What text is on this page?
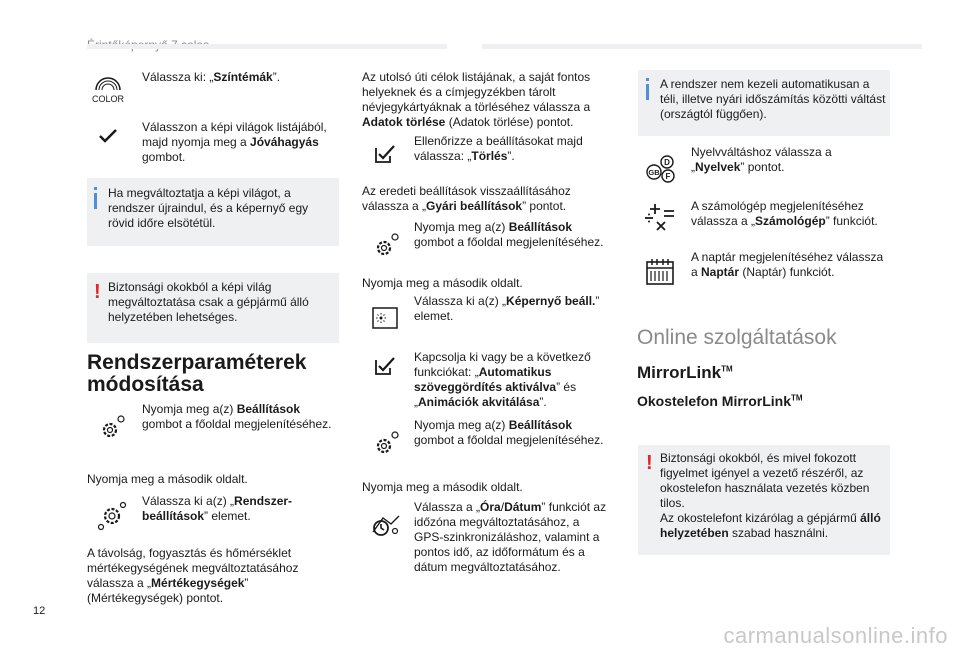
COLOR
Válassza ki: „Színtémák”.
Válasszon a képi világok listájából, majd nyomja meg a Jóváhagyás gombot.
Ha megváltoztatja a képi világot, a rendszer újraindul, és a képernyő egy rövid időre elsötétül.
! Biztonsági okokból a képi világ megváltoztatása csak a gépjármű álló helyzetében lehetséges.
Rendszerparaméterek
módosítása
Nyomja meg a(z) Beállítások gombot a főoldal megjelenítéséhez.
Nyomja meg a második oldalt.
Válassza ki a(z) „Rendszer-beállítások” elemet.
A távolság, fogyasztás és hőmérséklet mértékegységének megváltoztatásához válassza a „Mértékegységek” (Mértékegységek) pontot.
Az utolsó úti célok listájának, a saját fontos helyeknek és a címjegyzékben tárolt névjegykártyáknak a törléséhez válassza a Adatok törlése (Adatok törlése) pontot.
Ellenőrizze a beállításokat majd válassza: „Törlés”.
Az eredeti beállítások visszaállításához válassza a „Gyári beállítások” pontot.
Nyomja meg a(z) Beállítások gombot a főoldal megjelenítéséhez.
Nyomja meg a második oldalt.
Válassza ki a(z) „Képernyő beáll.” elemet.
Kapcsolja ki vagy be a következő funkciókat: „Automatikus szöveggördítés aktiválva” és „Animációk akvitálása”.
Nyomja meg a(z) Beállítások gombot a főoldal megjelenítéséhez.
Nyomja meg a második oldalt.
Válassza a „Óra/Dátum” funkciót az időzóna megváltoztatásához, a GPS-szinkronizáláshoz, valamint a pontos idő, az időformátum és a dátum megváltoztatásához.
A rendszer nem kezeli automatikusan a téli, illetve nyári időszámítás közötti váltást (országtól függően).
D
GB F
Nyelvváltáshoz válassza a „Nyelvek” pontot.
A számológép megjelenítéséhez válassza a „Számológép” funkciót.
A naptár megjelenítéséhez válassza a Naptár (Naptár) funkciót.
Online szolgáltatások
MirrorLink™
Okostelefon MirrorLink™
! Biztonsági okokból, és mivel fokozott figyelmet igényel a vezető részéről, az okostelefon használata vezetés közben tilos.
Az okostelefont kizárólag a gépjármű álló helyzetében szabad használni.
12
carmanualsonline.info
